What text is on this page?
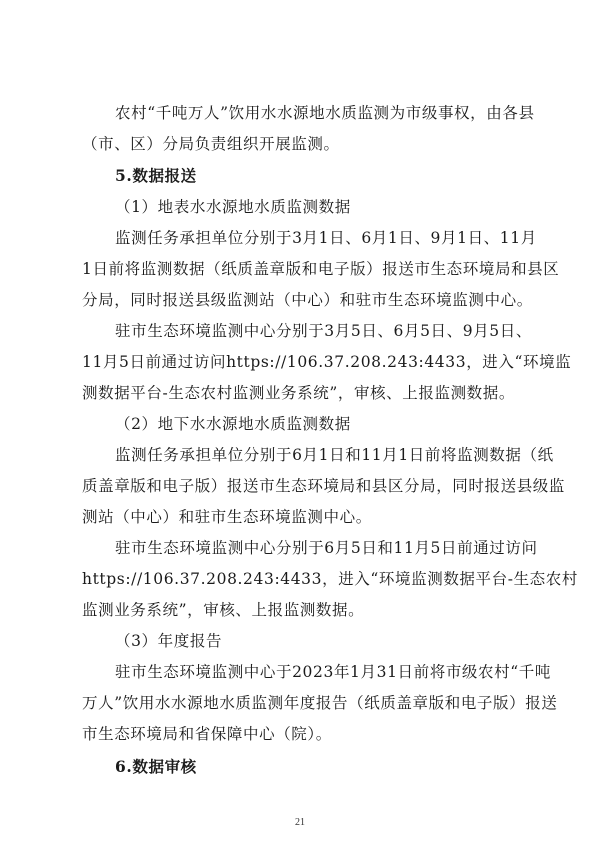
农村“千吨万人”饮用水水源地水质监测为市级事权，由各县
（市、区）分局负责组织开展监测。
5.数据报送
（1）地表水水源地水质监测数据
监测任务承担单位分别于3月1日、6月1日、9月1日、11月
1日前将监测数据（纸质盖章版和电子版）报送市生态环境局和县区
分局，同时报送县级监测站（中心）和驻市生态环境监测中心。
驻市生态环境监测中心分别于3月5日、6月5日、9月5日、
11月5日前通过访问https://106.37.208.243:4433，进入“环境监
测数据平台-生态农村监测业务系统”，审核、上报监测数据。
（2）地下水水源地水质监测数据
监测任务承担单位分别于6月1日和11月1日前将监测数据（纸
质盖章版和电子版）报送市生态环境局和县区分局，同时报送县级监
测站（中心）和驻市生态环境监测中心。
驻市生态环境监测中心分别于6月5日和11月5日前通过访问
https://106.37.208.243:4433，进入“环境监测数据平台-生态农村
监测业务系统”，审核、上报监测数据。
（3）年度报告
驻市生态环境监测中心于2023年1月31日前将市级农村“千吨
万人”饮用水水源地水质监测年度报告（纸质盖章版和电子版）报送
市生态环境局和省保障中心（院）。
6.数据审核
21
